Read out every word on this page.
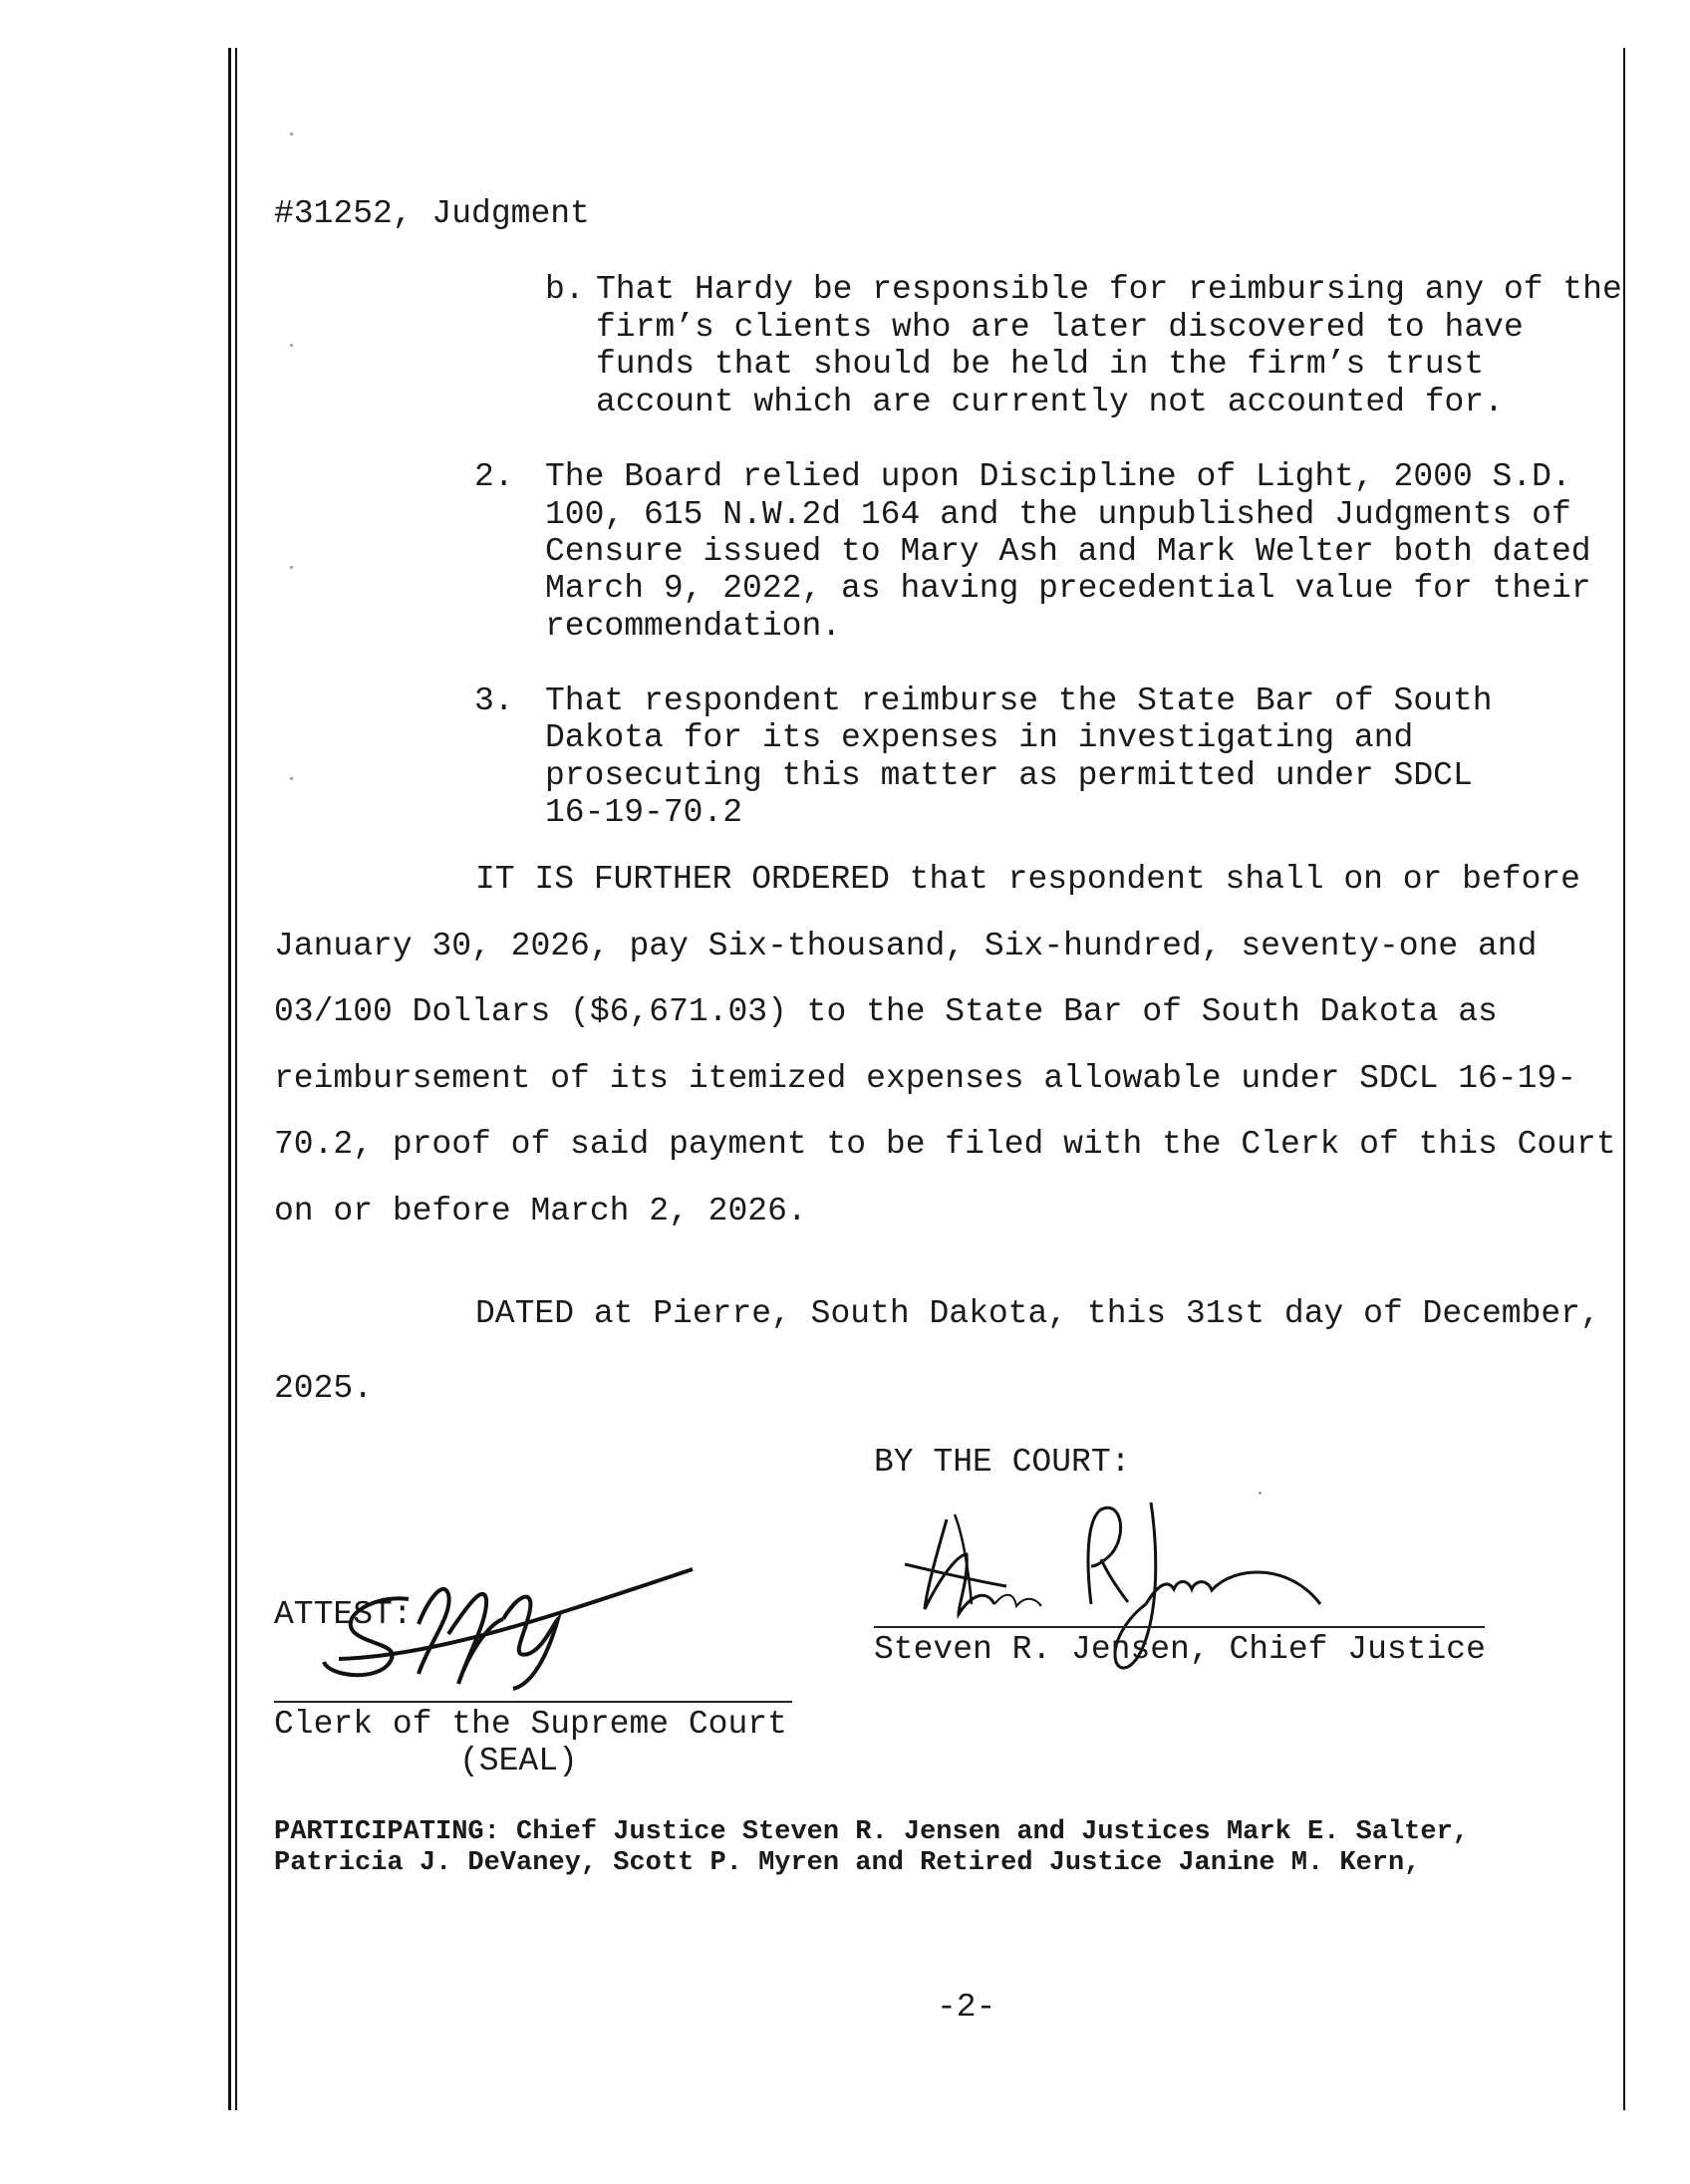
#31252, Judgment
b. That Hardy be responsible for reimbursing any of the
firm’s clients who are later discovered to have
funds that should be held in the firm’s trust
account which are currently not accounted for.
2. The Board relied upon Discipline of Light, 2000 S.D.
100, 615 N.W.2d 164 and the unpublished Judgments of
Censure issued to Mary Ash and Mark Welter both dated
March 9, 2022, as having precedential value for their
recommendation.
3. That respondent reimburse the State Bar of South
Dakota for its expenses in investigating and
prosecuting this matter as permitted under SDCL
16-19-70.2
IT IS FURTHER ORDERED that respondent shall on or before
January 30, 2026, pay Six-thousand, Six-hundred, seventy-one and
03/100 Dollars ($6,671.03) to the State Bar of South Dakota as
reimbursement of its itemized expenses allowable under SDCL 16-19-
70.2, proof of said payment to be filed with the Clerk of this Court
on or before March 2, 2026.
DATED at Pierre, South Dakota, this 31st day of December,
2025.
BY THE COURT:
Steven R. Jensen, Chief Justice
ATTEST:
Clerk of the Supreme Court
(SEAL)
PARTICIPATING: Chief Justice Steven R. Jensen and Justices Mark E. Salter,
Patricia J. DeVaney, Scott P. Myren and Retired Justice Janine M. Kern,
-2-
